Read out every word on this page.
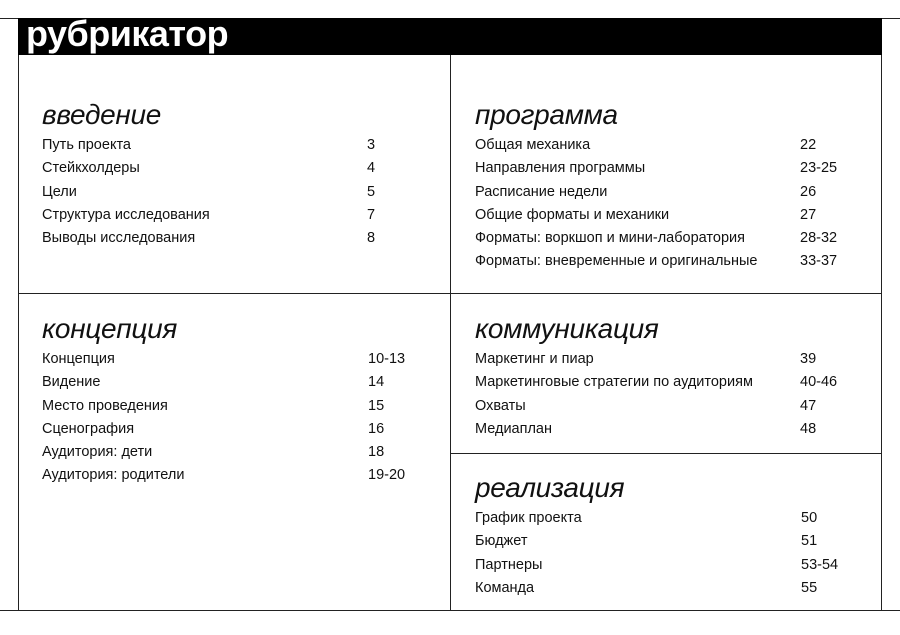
рубрикатор
введение
Путь проекта	3
Стейкхолдеры	4
Цели	5
Структура исследования	7
Выводы исследования	8
программа
Общая механика	22
Направления программы	23-25
Расписание недели	26
Общие форматы и механики	27
Форматы: воркшоп и мини-лаборатория	28-32
Форматы: вневременные и оригинальные	33-37
концепция
Концепция	10-13
Видение	14
Место проведения	15
Сценография	16
Аудитория: дети	18
Аудитория: родители	19-20
коммуникация
Маркетинг и пиар	39
Маркетинговые стратегии по аудиториям	40-46
Охваты	47
Медиаплан	48
реализация
График проекта	50
Бюджет	51
Партнеры	53-54
Команда	55
